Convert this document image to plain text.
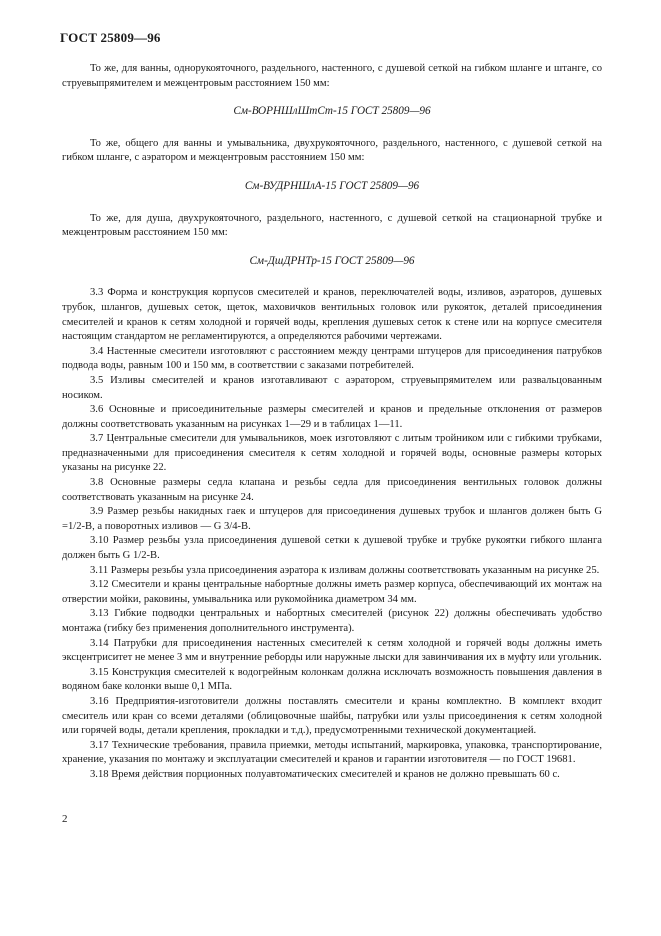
ГОСТ 25809—96

То же, для ванны, однорукояточного, раздельного, настенного, с душевой сеткой на гибком шланге и штанге, со струевыпрямителем и межцентровым расстоянием 150 мм:

См-ВОРНШлШтСт-15 ГОСТ 25809—96

То же, общего для ванны и умывальника, двухрукояточного, раздельного, настенного, с душевой сеткой на гибком шланге, с аэратором и межцентровым расстоянием 150 мм:

См-ВУДРНШлА-15 ГОСТ 25809—96

То же, для душа, двухрукояточного, раздельного, настенного, с душевой сеткой на стационарной трубке и межцентровым расстоянием 150 мм:

См-ДшДРНТр-15 ГОСТ 25809—96

3.3 Форма и конструкция корпусов смесителей и кранов, переключателей воды, изливов, аэраторов, душевых трубок, шлангов, душевых сеток, щеток, маховичков вентильных головок или рукояток, деталей присоединения смесителей и кранов к сетям холодной и горячей воды, крепления душевых сеток к стене или на корпусе смесителя настоящим стандартом не регламентируются, а определяются рабочими чертежами.

3.4 Настенные смесители изготовляют с расстоянием между центрами штуцеров для присоединения патрубков подвода воды, равным 100 и 150 мм, в соответствии с заказами потребителей.

3.5 Изливы смесителей и кранов изготавливают с аэратором, струевыпрямителем или развальцованным носиком.

3.6 Основные и присоединительные размеры смесителей и кранов и предельные отклонения от размеров должны соответствовать указанным на рисунках 1—29 и в таблицах 1—11.

3.7 Центральные смесители для умывальников, моек изготовляют с литым тройником или с гибкими трубками, предназначенными для присоединения смесителя к сетям холодной и горячей воды, основные размеры которых указаны на рисунке 22.

3.8 Основные размеры седла клапана и резьбы седла для присоединения вентильных головок должны соответствовать указанным на рисунке 24.

3.9 Размер резьбы накидных гаек и штуцеров для присоединения душевых трубок и шлангов должен быть G =1/2-B, а поворотных изливов — G 3/4-B.

3.10 Размер резьбы узла присоединения душевой сетки к душевой трубке и трубке рукоятки гибкого шланга должен быть G 1/2-B.

3.11 Размеры резьбы узла присоединения аэратора к изливам должны соответствовать указанным на рисунке 25.

3.12 Смесители и краны центральные набортные должны иметь размер корпуса, обеспечивающий их монтаж на отверстии мойки, раковины, умывальника или рукомойника диаметром 34 мм.

3.13 Гибкие подводки центральных и набортных смесителей (рисунок 22) должны обеспечивать удобство монтажа (гибку без применения дополнительного инструмента).

3.14 Патрубки для присоединения настенных смесителей к сетям холодной и горячей воды должны иметь эксцентриситет не менее 3 мм и внутренние реборды или наружные лыски для завинчивания их в муфту или угольник.

3.15 Конструкция смесителей к водогрейным колонкам должна исключать возможность повышения давления в водяном баке колонки выше 0,1 МПа.

3.16 Предприятия-изготовители должны поставлять смесители и краны комплектно. В комплект входит смеситель или кран со всеми деталями (облицовочные шайбы, патрубки или узлы присоединения к сетям холодной или горячей воды, детали крепления, прокладки и т.д.), предусмотренными технической документацией.

3.17 Технические требования, правила приемки, методы испытаний, маркировка, упаковка, транспортирование, хранение, указания по монтажу и эксплуатации смесителей и кранов и гарантии изготовителя — по ГОСТ 19681.

3.18 Время действия порционных полуавтоматических смесителей и кранов не должно превышать 60 с.

2
